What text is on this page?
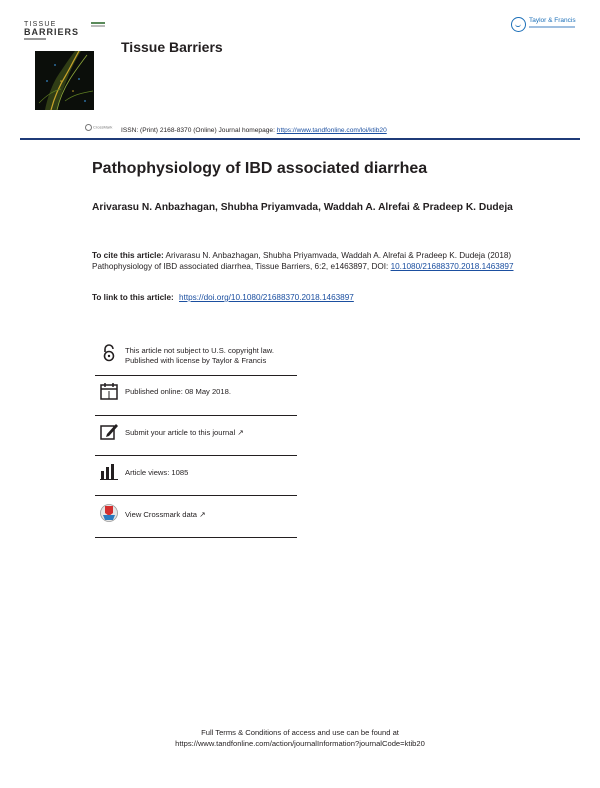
TISSUE
BARRIERS
Tissue Barriers
Taylor & Francis
CrossMark ISSN: (Print) 2168-8370 (Online) Journal homepage: https://www.tandfonline.com/loi/ktib20
Pathophysiology of IBD associated diarrhea
Arivarasu N. Anbazhagan, Shubha Priyamvada, Waddah A. Alrefai & Pradeep K. Dudeja
To cite this article: Arivarasu N. Anbazhagan, Shubha Priyamvada, Waddah A. Alrefai & Pradeep K. Dudeja (2018) Pathophysiology of IBD associated diarrhea, Tissue Barriers, 6:2, e1463897, DOI: 10.1080/21688370.2018.1463897
To link to this article: https://doi.org/10.1080/21688370.2018.1463897
This article not subject to U.S. copyright law.
Published with license by Taylor & Francis
Published online: 08 May 2018.
Submit your article to this journal ↗
Article views: 1085
View Crossmark data ↗
Full Terms & Conditions of access and use can be found at
https://www.tandfonline.com/action/journalInformation?journalCode=ktib20
